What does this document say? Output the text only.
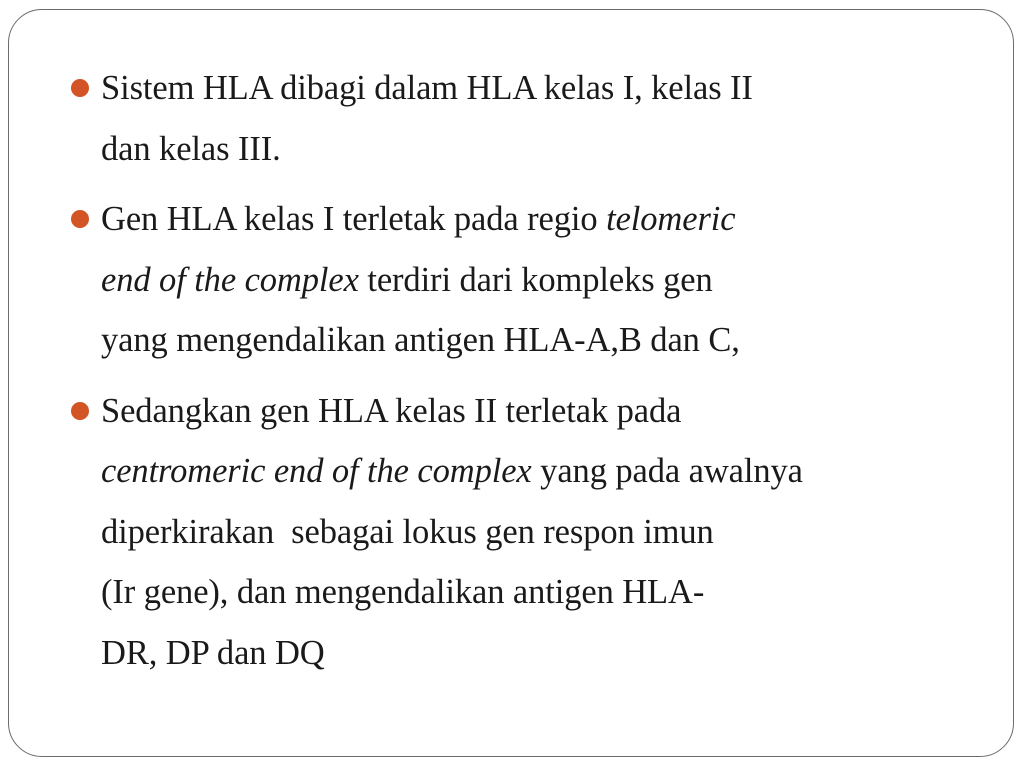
Sistem HLA dibagi dalam HLA kelas I, kelas II
dan kelas III.
Gen HLA kelas I terletak pada regio telomeric
end of the complex terdiri dari kompleks gen
yang mengendalikan antigen HLA-A,B dan C,
Sedangkan gen HLA kelas II terletak pada
centromeric end of the complex yang pada awalnya
diperkirakan  sebagai lokus gen respon imun
(Ir gene), dan mengendalikan antigen HLA-
DR, DP dan DQ
